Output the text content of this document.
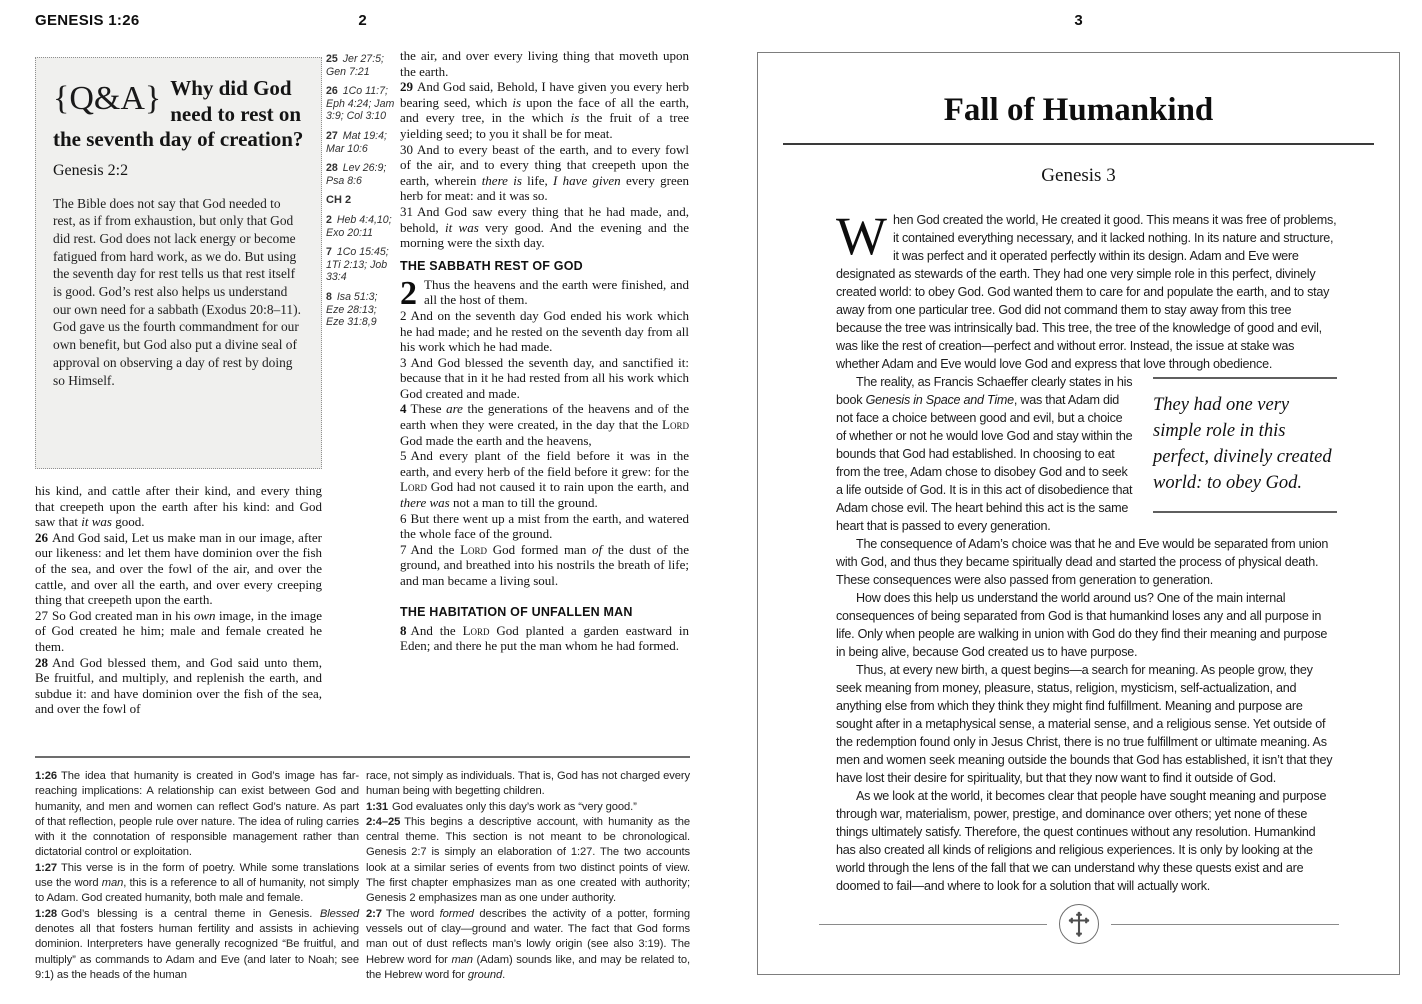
GENESIS 1:26	2
{Q&A} Why did God need to rest on the seventh day of creation?
Genesis 2:2

The Bible does not say that God needed to rest, as if from exhaustion, but only that God did rest. God does not lack energy or become fatigued from hard work, as we do. But using the seventh day for rest tells us that rest itself is good. God’s rest also helps us understand our own need for a sabbath (Exodus 20:8–11). God gave us the fourth commandment for our own benefit, but God also put a divine seal of approval on observing a day of rest by doing so Himself.

his kind, and cattle after their kind, and every thing that creepeth upon the earth after his kind: and God saw that it was good.

26 And God said, Let us make man in our image, after our likeness: and let them have dominion over the fish of the sea, and over the fowl of the air, and over the cattle, and over all the earth, and over every creeping thing that creepeth upon the earth.

27 So God created man in his own image, in the image of God created he him; male and female created he them.

28 And God blessed them, and God said unto them, Be fruitful, and multiply, and replenish the earth, and subdue it: and have dominion over the fish of the sea, and over the fowl of

25 Jer 27:5; Gen 7:21

26 1Co 11:7; Eph 4:24; Jam 3:9; Col 3:10

27 Mat 19:4; Mar 10:6

28 Lev 26:9; Psa 8:6

CH 2

2 Heb 4:4,10; Exo 20:11

7 1Co 15:45; 1Ti 2:13; Job 33:4

8 Isa 51:3; Eze 28:13; Eze 31:8,9

the air, and over every living thing that moveth upon the earth.

29 And God said, Behold, I have given you every herb bearing seed, which is upon the face of all the earth, and every tree, in the which is the fruit of a tree yielding seed; to you it shall be for meat.

30 And to every beast of the earth, and to every fowl of the air, and to every thing that creepeth upon the earth, wherein there is life, I have given every green herb for meat: and it was so.

31 And God saw every thing that he had made, and, behold, it was very good. And the evening and the morning were the sixth day.

THE SABBATH REST OF GOD

2 Thus the heavens and the earth were finished, and all the host of them.

2 And on the seventh day God ended his work which he had made; and he rested on the seventh day from all his work which he had made.

3 And God blessed the seventh day, and sanctified it: because that in it he had rested from all his work which God created and made.

4 These are the generations of the heavens and of the earth when they were created, in the day that the Lord God made the earth and the heavens,

5 And every plant of the field before it was in the earth, and every herb of the field before it grew: for the Lord God had not caused it to rain upon the earth, and there was not a man to till the ground.

6 But there went up a mist from the earth, and watered the whole face of the ground.

7 And the Lord God formed man of the dust of the ground, and breathed into his nostrils the breath of life; and man became a living soul.

THE HABITATION OF UNFALLEN MAN

8 And the Lord God planted a garden eastward in Eden; and there he put the man whom he had formed.

1:26 The idea that humanity is created in God’s image has far-reaching implications: A relationship can exist between God and humanity, and men and women can reflect God’s nature. As part of that reflection, people rule over nature. The idea of ruling carries with it the connotation of responsible management rather than dictatorial control or exploitation.

1:27 This verse is in the form of poetry. While some translations use the word man, this is a reference to all of humanity, not simply to Adam. God created humanity, both male and female.

1:28 God’s blessing is a central theme in Genesis. Blessed denotes all that fosters human fertility and assists in achieving dominion. Interpreters have generally recognized “Be fruitful, and multiply” as commands to Adam and Eve (and later to Noah; see 9:1) as the heads of the human

race, not simply as individuals. That is, God has not charged every human being with begetting children.

1:31 God evaluates only this day’s work as “very good.”

2:4–25 This begins a descriptive account, with humanity as the central theme. This section is not meant to be chronological. Genesis 2:7 is simply an elaboration of 1:27. The two accounts look at a similar series of events from two distinct points of view. The first chapter emphasizes man as one created with authority; Genesis 2 emphasizes man as one under authority.

2:7 The word formed describes the activity of a potter, forming vessels out of clay—ground and water. The fact that God forms man out of dust reflects man’s lowly origin (see also 3:19). The Hebrew word for man (Adam) sounds like, and may be related to, the Hebrew word for ground.

3
Fall of Humankind
Genesis 3

When God created the world, He created it good. This means it was free of problems, it contained everything necessary, and it lacked nothing. In its nature and structure, it was perfect and it operated perfectly within its design. Adam and Eve were designated as stewards of the earth. They had one very simple role in this perfect, divinely created world: to obey God. God wanted them to care for and populate the earth, and to stay away from one particular tree. God did not command them to stay away from this tree because the tree was intrinsically bad. This tree, the tree of the knowledge of good and evil, was like the rest of creation—perfect and without error. Instead, the issue at stake was whether Adam and Eve would love God and express that love through obedience.

They had one very simple role in this perfect, divinely created world: to obey God.

The reality, as Francis Schaeffer clearly states in his book Genesis in Space and Time, was that Adam did not face a choice between good and evil, but a choice of whether or not he would love God and stay within the bounds that God had established. In choosing to eat from the tree, Adam chose to disobey God and to seek a life outside of God. It is in this act of disobedience that Adam chose evil. The heart behind this act is the same heart that is passed to every generation.

The consequence of Adam’s choice was that he and Eve would be separated from union with God, and thus they became spiritually dead and started the process of physical death. These consequences were also passed from generation to generation.

How does this help us understand the world around us? One of the main internal consequences of being separated from God is that humankind loses any and all purpose in life. Only when people are walking in union with God do they find their meaning and purpose in being alive, because God created us to have purpose.

Thus, at every new birth, a quest begins—a search for meaning. As people grow, they seek meaning from money, pleasure, status, religion, mysticism, self-actualization, and anything else from which they think they might find fulfillment. Meaning and purpose are sought after in a metaphysical sense, a material sense, and a religious sense. Yet outside of the redemption found only in Jesus Christ, there is no true fulfillment or ultimate meaning. As men and women seek meaning outside the bounds that God has established, it isn’t that they have lost their desire for spirituality, but that they now want to find it outside of God.

As we look at the world, it becomes clear that people have sought meaning and purpose through war, materialism, power, prestige, and dominance over others; yet none of these things ultimately satisfy. Therefore, the quest continues without any resolution. Humankind has also created all kinds of religions and religious experiences. It is only by looking at the world through the lens of the fall that we can understand why these quests exist and are doomed to fail—and where to look for a solution that will actually work.
